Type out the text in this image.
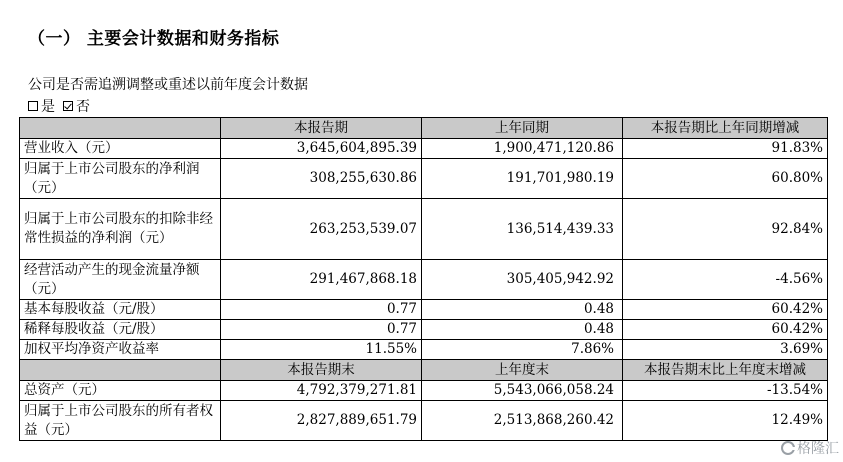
（一） 主要会计数据和财务指标
公司是否需追溯调整或重述以前年度会计数据
是 否
	本报告期	上年同期	本报告期比上年同期增减
营业收入（元）	3,645,604,895.39	1,900,471,120.86	91.83%
归属于上市公司股东的净利润（元）	308,255,630.86	191,701,980.19	60.80%
归属于上市公司股东的扣除非经常性损益的净利润（元）	263,253,539.07	136,514,439.33	92.84%
经营活动产生的现金流量净额（元）	291,467,868.18	305,405,942.92	-4.56%
基本每股收益（元/股）	0.77	0.48	60.42%
稀释每股收益（元/股）	0.77	0.48	60.42%
加权平均净资产收益率	11.55%	7.86%	3.69%
	本报告期末	上年度末	本报告期末比上年度末增减
总资产（元）	4,792,379,271.81	5,543,066,058.24	-13.54%
归属于上市公司股东的所有者权益（元）	2,827,889,651.79	2,513,868,260.42	12.49%
格隆汇
